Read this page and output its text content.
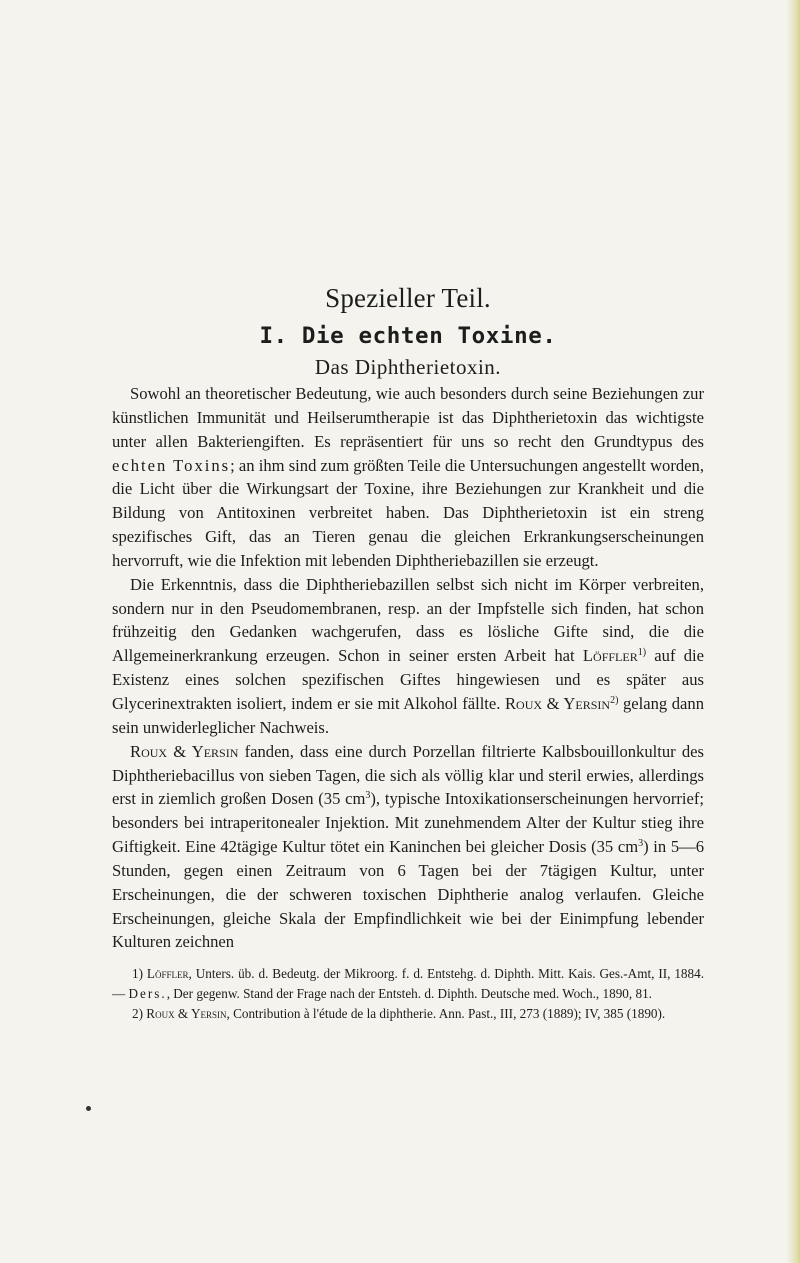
Spezieller Teil.
I. Die echten Toxine.
Das Diphtherietoxin.

Sowohl an theoretischer Bedeutung, wie auch besonders durch seine Beziehungen zur künstlichen Immunität und Heilserumtherapie ist das Diphtherietoxin das wichtigste unter allen Bakteriengiften. Es repräsentiert für uns so recht den Grundtypus des echten Toxins; an ihm sind zum größten Teile die Untersuchungen angestellt worden, die Licht über die Wirkungsart der Toxine, ihre Beziehungen zur Krankheit und die Bildung von Antitoxinen verbreitet haben. Das Diphtherietoxin ist ein streng spezifisches Gift, das an Tieren genau die gleichen Erkrankungserscheinungen hervorruft, wie die Infektion mit lebenden Diphtheriebazillen sie erzeugt.

Die Erkenntnis, dass die Diphtheriebazillen selbst sich nicht im Körper verbreiten, sondern nur in den Pseudomembranen, resp. an der Impfstelle sich finden, hat schon frühzeitig den Gedanken wachgerufen, dass es lösliche Gifte sind, die die Allgemeinerkrankung erzeugen. Schon in seiner ersten Arbeit hat Löffler$^{1)}$ auf die Existenz eines solchen spezifischen Giftes hingewiesen und es später aus Glycerinextrakten isoliert, indem er sie mit Alkohol fällte. Roux & Yersin$^{2)}$ gelang dann sein unwiderleglicher Nachweis.

Roux & Yersin fanden, dass eine durch Porzellan filtrierte Kalbsbouillonkultur des Diphtheriebacillus von sieben Tagen, die sich als völlig klar und steril erwies, allerdings erst in ziemlich großen Dosen (35 $cm^3$), typische Intoxikationserscheinungen hervorrief; besonders bei intraperitonealer Injektion. Mit zunehmendem Alter der Kultur stieg ihre Giftigkeit. Eine 42tägige Kultur tötet ein Kaninchen bei gleicher Dosis (35 $cm^3$) in 5—6 Stunden, gegen einen Zeitraum von 6 Tagen bei der 7tägigen Kultur, unter Erscheinungen, die der schweren toxischen Diphtherie analog verlaufen. Gleiche Erscheinungen, gleiche Skala der Empfindlichkeit wie bei der Einimpfung lebender Kulturen zeichnen

1) Löffler, Unters. üb. d. Bedeutg. der Mikroorg. f. d. Entstehg. d. Diphth. Mitt. Kais. Ges.-Amt, II, 1884. — Ders., Der gegenw. Stand der Frage nach der Entsteh. d. Diphth. Deutsche med. Woch., 1890, 81.

2) Roux & Yersin, Contribution à l'étude de la diphtherie. Ann. Past., III, 273 (1889); IV, 385 (1890).
